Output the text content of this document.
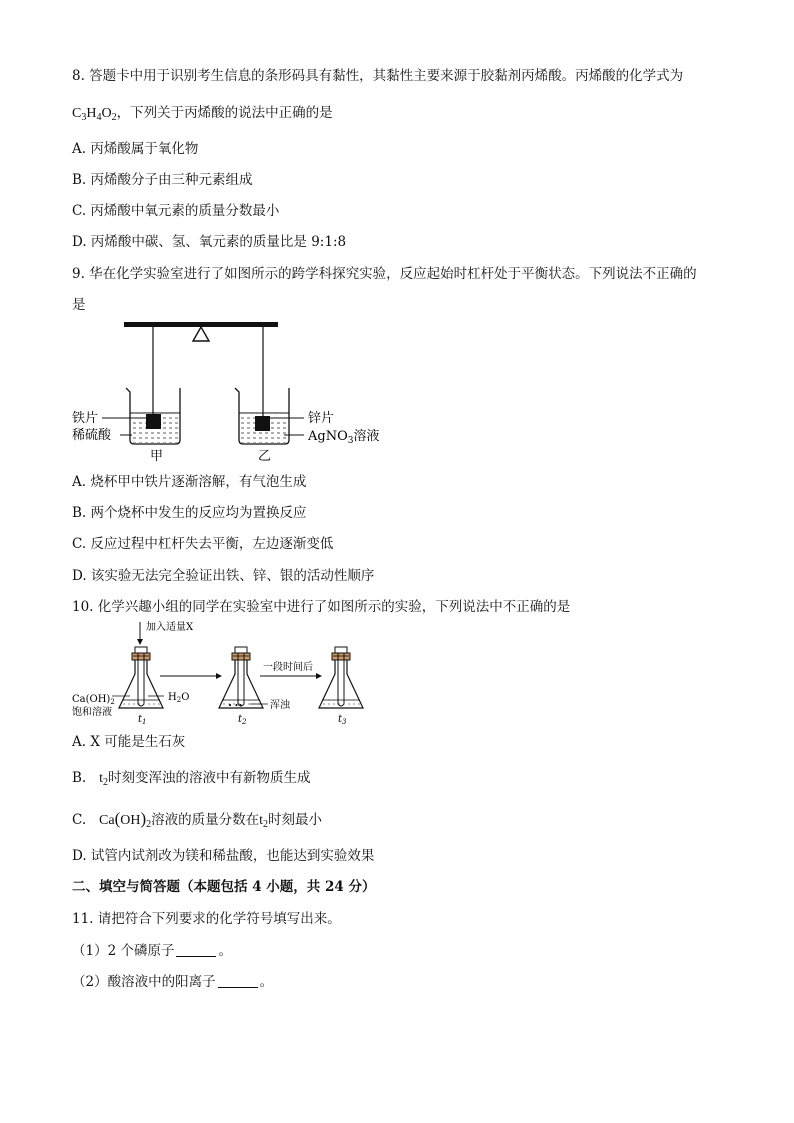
8. 答题卡中用于识别考生信息的条形码具有黏性，其黏性主要来源于胶黏剂丙烯酸。丙烯酸的化学式为
$C_3H_4O_2$，下列关于丙烯酸的说法中正确的是
A. 丙烯酸属于氧化物
B. 丙烯酸分子由三种元素组成
C. 丙烯酸中氧元素的质量分数最小
D. 丙烯酸中碳、氢、氧元素的质量比是 9:1:8
9. 华在化学实验室进行了如图所示的跨学科探究实验，反应起始时杠杆处于平衡状态。下列说法不正确的
是
铁片
稀硫酸
锌片
AgNO$_3$溶液
甲	乙
A. 烧杯甲中铁片逐渐溶解，有气泡生成
B. 两个烧杯中发生的反应均为置换反应
C. 反应过程中杠杆失去平衡，左边逐渐变低
D. 该实验无法完全验证出铁、锌、银的活动性顺序
10. 化学兴趣小组的同学在实验室中进行了如图所示的实验，下列说法中不正确的是
加入适量X
$Ca(OH)_2$
饱和溶液
$H_2O$
$t_1$
• ••	浑浊
$t_2$
一段时间后
$t_3$
A. X 可能是生石灰
B. $t_2$时刻变浑浊的溶液中有新物质生成
C. $Ca(OH)_2$溶液的质量分数在$t_2$时刻最小
D. 试管内试剂改为镁和稀盐酸，也能达到实验效果
二、填空与简答题（本题包括 4 小题，共 24 分）
11. 请把符合下列要求的化学符号填写出来。
（1）2 个磷原子	。
（2）酸溶液中的阳离子	。
